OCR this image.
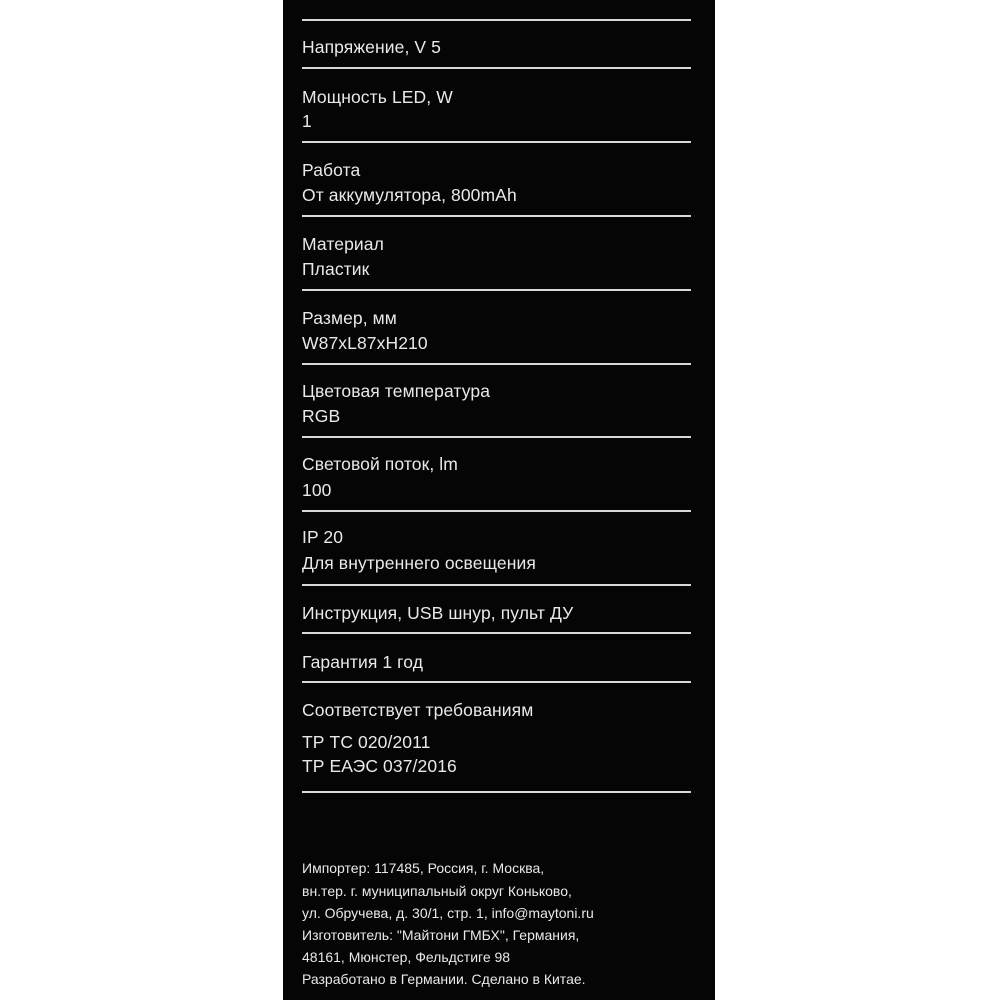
Напряжение, V 5
Мощность LED, W
1
Работа
От аккумулятора, 800mAh
Материал
Пластик
Размер, мм
W87xL87xH210
Цветовая температура
RGB
Световой поток, lm
100
IP 20
Для внутреннего освещения
Инструкция, USB шнур, пульт ДУ
Гарантия 1 год
Соответствует требованиям
ТР ТС 020/2011
ТР ЕАЭС 037/2016
Импортер: 117485, Россия, г. Москва,
вн.тер. г. муниципальный округ Коньково,
ул. Обручева, д. 30/1, стр. 1, info@maytoni.ru
Изготовитель: "Майтони ГМБХ", Германия,
48161, Мюнстер, Фельдстиге 98
Разработано в Германии. Сделано в Китае.
